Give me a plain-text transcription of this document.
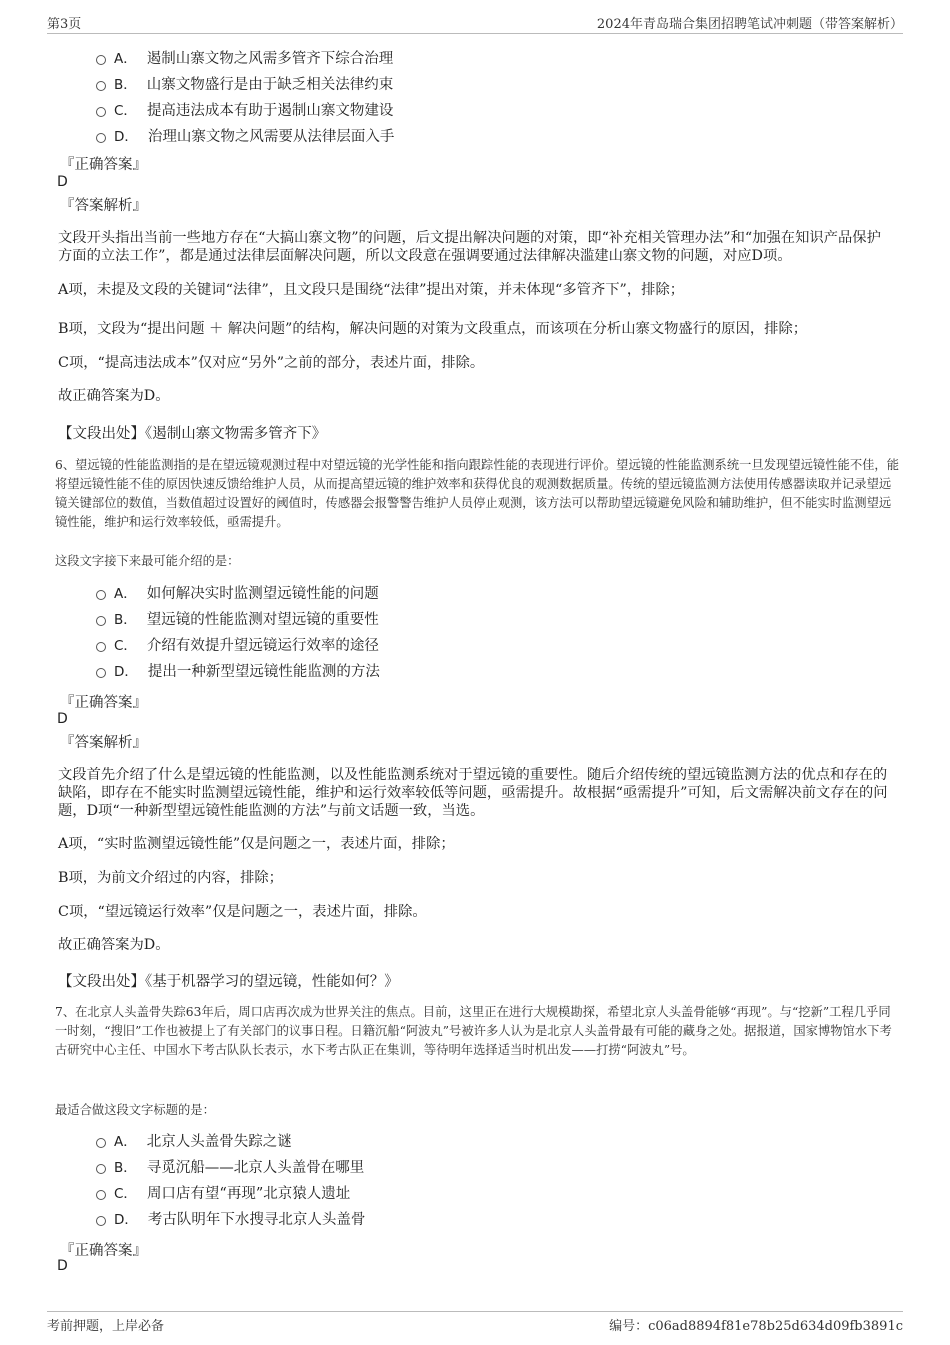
第3页	2024年青岛瑞合集团招聘笔试冲刺题（带答案解析）
A． 遏制山寨文物之风需多管齐下综合治理
B． 山寨文物盛行是由于缺乏相关法律约束
C． 提高违法成本有助于遏制山寨文物建设
D． 治理山寨文物之风需要从法律层面入手
『正确答案』
D
『答案解析』
文段开头指出当前一些地方存在“大搞山寨文物”的问题，后文提出解决问题的对策，即“补充相关管理办法”和“加强在知识产品保护方面的立法工作”，都是通过法律层面解决问题，所以文段意在强调要通过法律解决滥建山寨文物的问题，对应D项。
A项，未提及文段的关键词“法律”，且文段只是围绕“法律”提出对策，并未体现“多管齐下”，排除；
B项，文段为“提出问题 ＋ 解决问题”的结构，解决问题的对策为文段重点，而该项在分析山寨文物盛行的原因，排除；
C项，“提高违法成本”仅对应“另外”之前的部分，表述片面，排除。
故正确答案为D。
【文段出处】《遏制山寨文物需多管齐下》
6、望远镜的性能监测指的是在望远镜观测过程中对望远镜的光学性能和指向跟踪性能的表现进行评价。望远镜的性能监测系统一旦发现望远镜性能不佳，能将望远镜性能不佳的原因快速反馈给维护人员，从而提高望远镜的维护效率和获得优良的观测数据质量。传统的望远镜监测方法使用传感器读取并记录望远镜关键部位的数值，当数值超过设置好的阈值时，传感器会报警警告维护人员停止观测，该方法可以帮助望远镜避免风险和辅助维护，但不能实时监测望远镜性能，维护和运行效率较低，亟需提升。
这段文字接下来最可能介绍的是：
A． 如何解决实时监测望远镜性能的问题
B． 望远镜的性能监测对望远镜的重要性
C． 介绍有效提升望远镜运行效率的途径
D． 提出一种新型望远镜性能监测的方法
『正确答案』
D
『答案解析』
文段首先介绍了什么是望远镜的性能监测，以及性能监测系统对于望远镜的重要性。随后介绍传统的望远镜监测方法的优点和存在的缺陷，即存在不能实时监测望远镜性能，维护和运行效率较低等问题，亟需提升。故根据“亟需提升”可知，后文需解决前文存在的问题，D项“一种新型望远镜性能监测的方法”与前文话题一致，当选。
A项，“实时监测望远镜性能”仅是问题之一，表述片面，排除；
B项，为前文介绍过的内容，排除；
C项，“望远镜运行效率”仅是问题之一，表述片面，排除。
故正确答案为D。
【文段出处】《基于机器学习的望远镜，性能如何？》
7、在北京人头盖骨失踪63年后，周口店再次成为世界关注的焦点。目前，这里正在进行大规模勘探，希望北京人头盖骨能够“再现”。与“挖新”工程几乎同一时刻，“搜旧”工作也被提上了有关部门的议事日程。日籍沉船“阿波丸”号被许多人认为是北京人头盖骨最有可能的藏身之处。据报道，国家博物馆水下考古研究中心主任、中国水下考古队队长表示，水下考古队正在集训，等待明年选择适当时机出发——打捞“阿波丸”号。
最适合做这段文字标题的是：
A． 北京人头盖骨失踪之谜
B． 寻觅沉船——北京人头盖骨在哪里
C． 周口店有望“再现”北京猿人遗址
D． 考古队明年下水搜寻北京人头盖骨
『正确答案』
D
考前押题，上岸必备	编号：c06ad8894f81e78b25d634d09fb3891c
